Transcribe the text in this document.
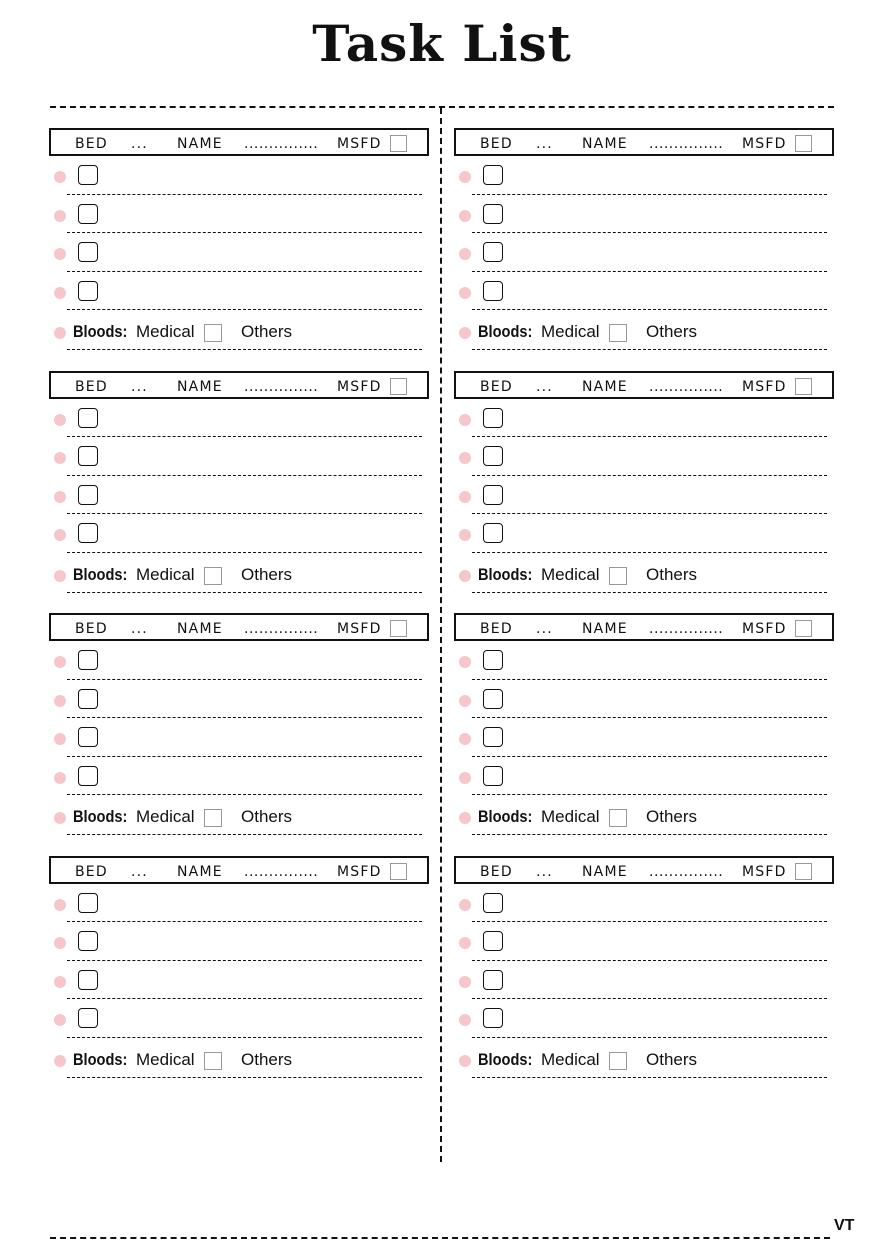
Task List
VT
BED ... NAME ............... MSFD
Bloods: Medical	Others
BED ... NAME ............... MSFD
Bloods: Medical	Others
BED ... NAME ............... MSFD
Bloods: Medical	Others
BED ... NAME ............... MSFD
Bloods: Medical	Others
BED ... NAME ............... MSFD
Bloods: Medical	Others
BED ... NAME ............... MSFD
Bloods: Medical	Others
BED ... NAME ............... MSFD
Bloods: Medical	Others
BED ... NAME ............... MSFD
Bloods: Medical	Others
